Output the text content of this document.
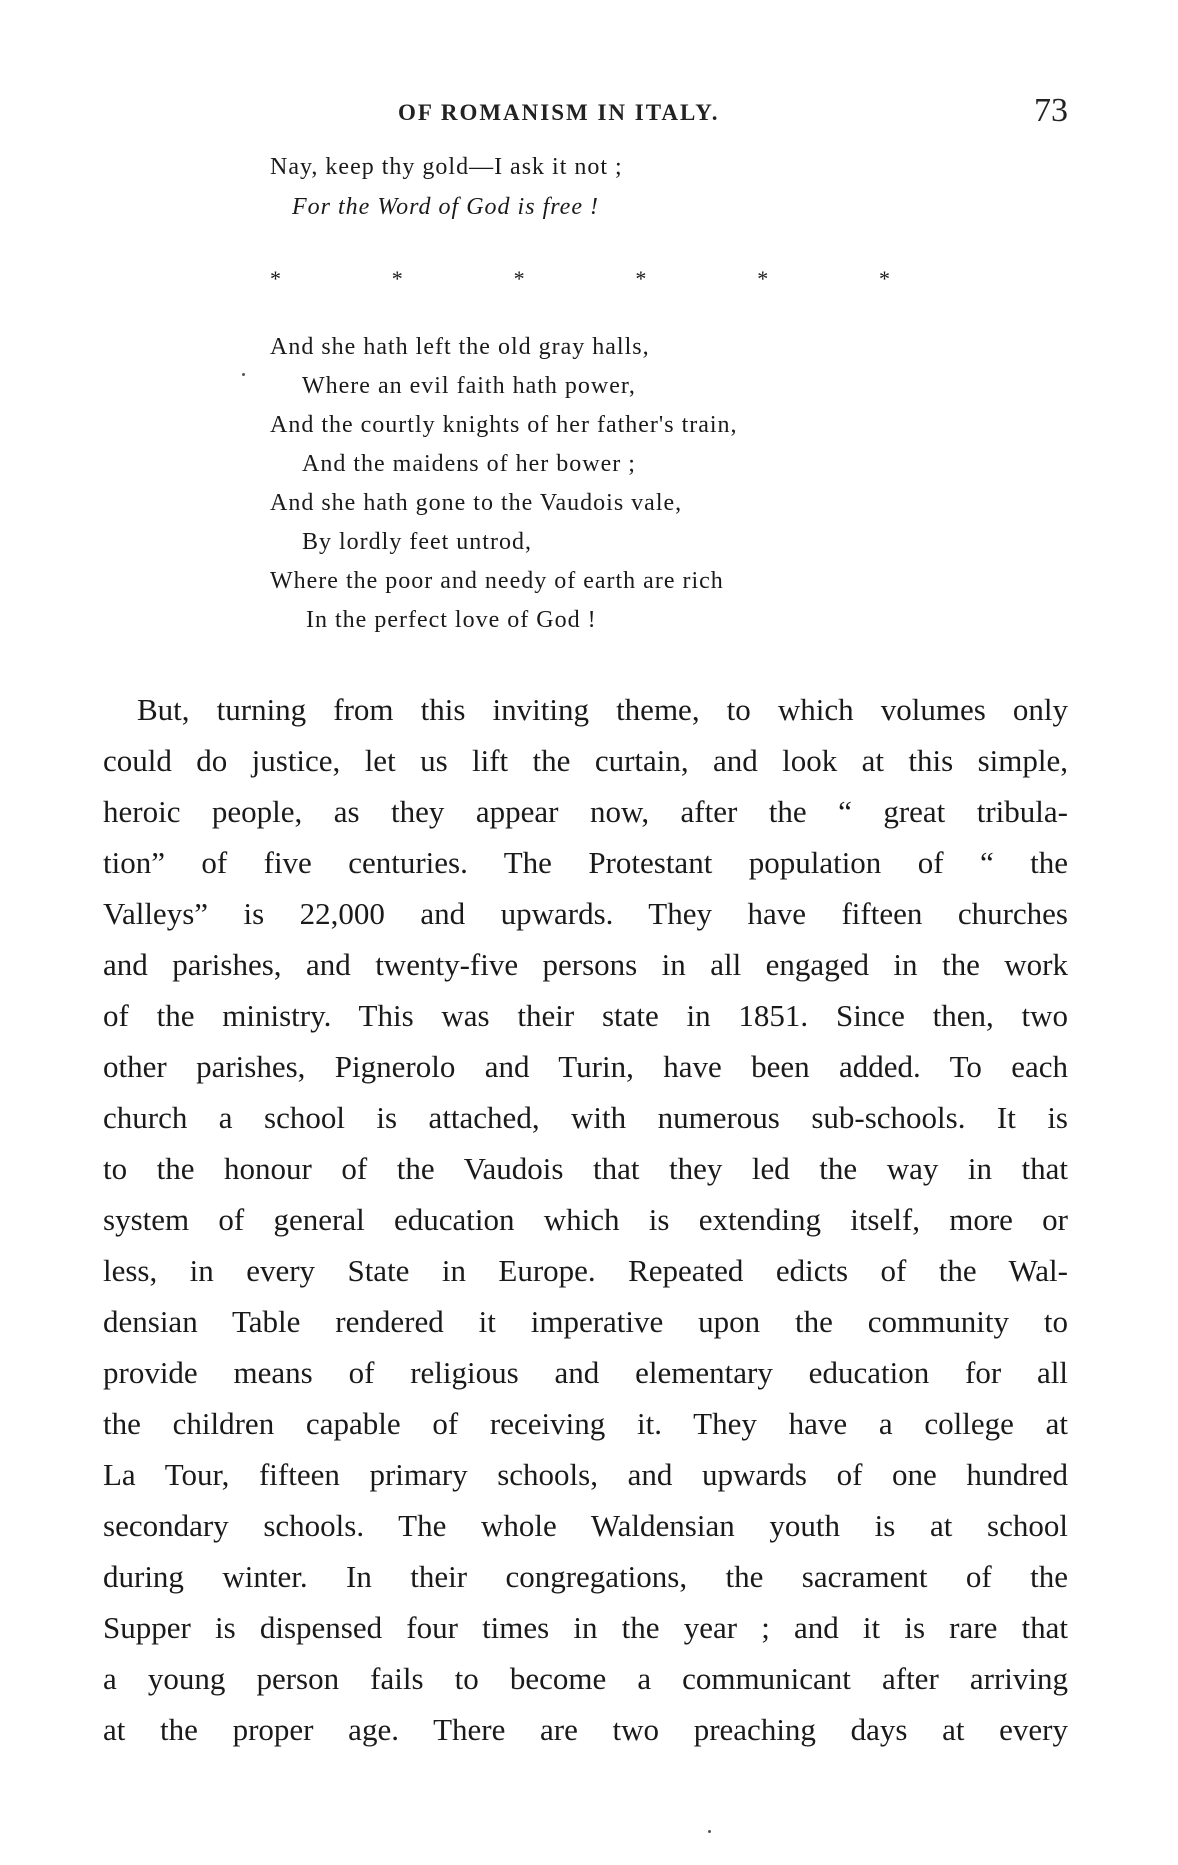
OF ROMANISM IN ITALY.	73
Nay, keep thy gold—I ask it not ;
For the Word of God is free !
*	*	*	*	*	*
And she hath left the old gray halls,
Where an evil faith hath power,
And the courtly knights of her father's train,
And the maidens of her bower ;
And she hath gone to the Vaudois vale,
By lordly feet untrod,
Where the poor and needy of earth are rich
In the perfect love of God !
But, turning from this inviting theme, to which volumes only
could do justice, let us lift the curtain, and look at this simple,
heroic people, as they appear now, after the “ great tribula-
tion” of five centuries. The Protestant population of “ the
Valleys” is 22,000 and upwards. They have fifteen churches
and parishes, and twenty-five persons in all engaged in the work
of the ministry. This was their state in 1851. Since then, two
other parishes, Pignerolo and Turin, have been added. To each
church a school is attached, with numerous sub-schools. It is
to the honour of the Vaudois that they led the way in that
system of general education which is extending itself, more or
less, in every State in Europe. Repeated edicts of the Wal-
densian Table rendered it imperative upon the community to
provide means of religious and elementary education for all
the children capable of receiving it. They have a college at
La Tour, fifteen primary schools, and upwards of one hundred
secondary schools. The whole Waldensian youth is at school
during winter. In their congregations, the sacrament of the
Supper is dispensed four times in the year ; and it is rare that
a young person fails to become a communicant after arriving
at the proper age. There are two preaching days at every
